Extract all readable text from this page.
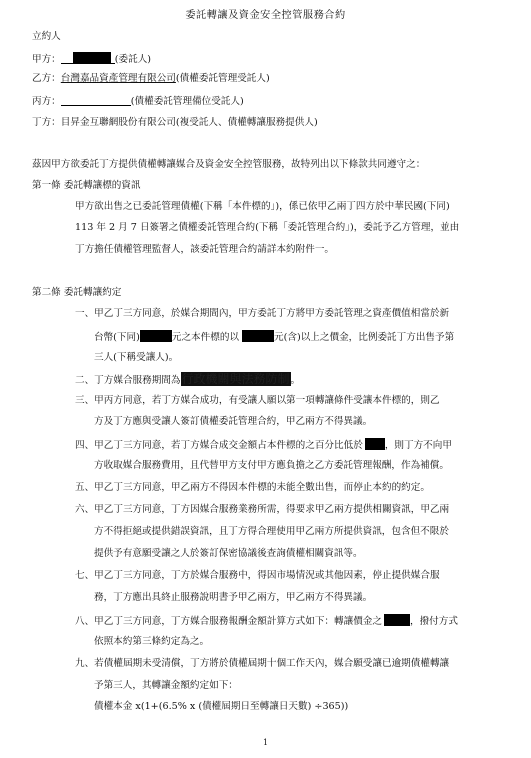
委託轉讓及資金安全控管服務合約
立約人
甲方：	(委託人)
乙方：台灣嘉品資產管理有限公司(債權委託管理受託人)
丙方：	(債權委託管理備位受託人)
丁方：目昇金互聯網股份有限公司(複受託人、債權轉讓服務提供人)
茲因甲方欲委託丁方提供債權轉讓媒合及資金安全控管服務，故特列出以下條款共同遵守之：
第一條 委託轉讓標的資訊
甲方欲出售之已委託管理債權(下稱「本件標的」)，係已依甲乙兩丁四方於中華民國(下同)
113 年 2 月 7 日簽署之債權委託管理合約(下稱「委託管理合約」)，委託予乙方管理，並由
丁方擔任債權管理監督人，該委託管理合約請詳本約附件一。
第二條 委託轉讓約定
一、甲乙丁三方同意，於媒合期間內，甲方委託丁方將甲方委託管理之資產價值相當於新
台幣(下同)	元之本件標的以	元(含)以上之價金，比例委託丁方出售予第
三人(下稱受讓人)。
二、丁方媒合服務期間為行政機關與法務防制。
三、甲丙方同意，若丁方媒合成功，有受讓人願以第一項轉讓條件受讓本件標的，則乙
方及丁方應與受讓人簽訂債權委託管理合約，甲乙兩方不得異議。
四、甲乙丁三方同意，若丁方媒合成交金額占本件標的之百分比低於 ，則丁方不向甲
方收取媒合服務費用，且代替甲方支付甲方應負擔之乙方委託管理報酬，作為補償。
五、甲乙丁三方同意，甲乙兩方不得因本件標的未能全數出售，而停止本約的約定。
六、甲乙丁三方同意，丁方因媒合服務業務所需，得要求甲乙兩方提供相關資訊，甲乙兩
方不得拒絕或提供錯誤資訊，且丁方得合理使用甲乙兩方所提供資訊，包含但不限於
提供予有意願受讓之人於簽訂保密協議後查詢債權相關資訊等。
七、甲乙丁三方同意，丁方於媒合服務中，得因市場情況或其他因素，停止提供媒合服
務，丁方應出具終止服務說明書予甲乙兩方，甲乙兩方不得異議。
八、甲乙丁三方同意，丁方媒合服務報酬金額計算方式如下：轉讓價金之	，撥付方式
依照本約第三條約定為之。
九、若債權屆期未受清償，丁方將於債權屆期十個工作天內，媒合願受讓已逾期債權轉讓
予第三人，其轉讓金額約定如下：
債權本金 x(1+(6.5% x (債權屆期日至轉讓日天數) ÷365))
1
